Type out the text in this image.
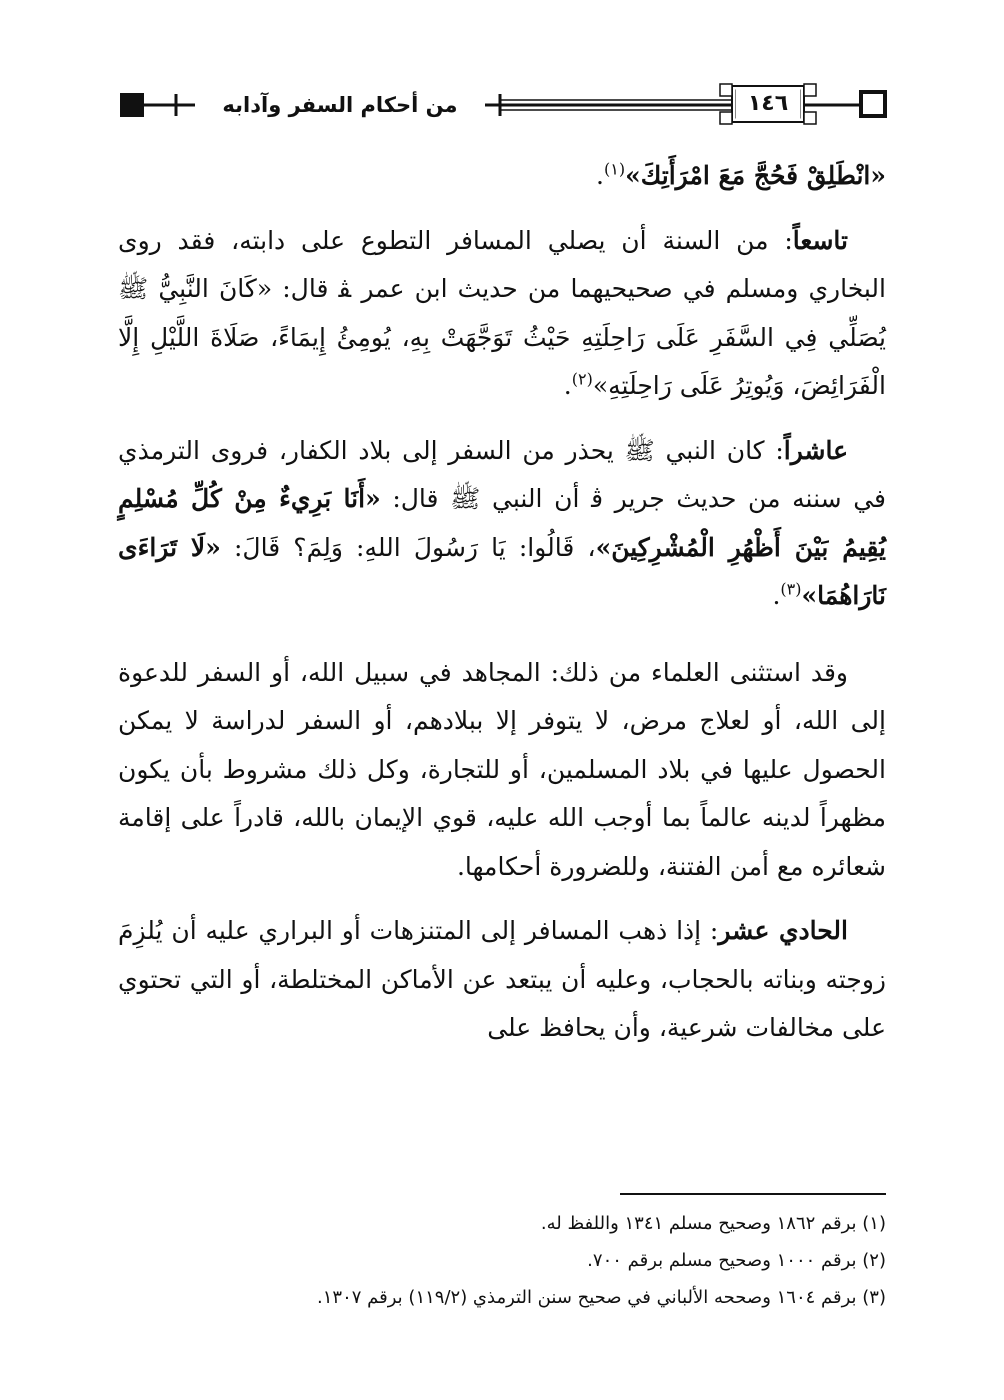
من أحكام السفر وآدابه	١٤٦

«انْطَلِقْ فَحُجَّ مَعَ امْرَأَتِكَ»$^{(١)}$.

تاسعاً: من السنة أن يصلي المسافر التطوع على دابته، فقد روى البخاري ومسلم في صحيحيهما من حديث ابن عمر ﭭ قال: «كَانَ النَّبِيُّ ﷺ يُصَلِّي فِي السَّفَرِ عَلَى رَاحِلَتِهِ حَيْثُ تَوَجَّهَتْ بِهِ، يُومِئُ إِيمَاءً، صَلَاةَ اللَّيْلِ إِلَّا الْفَرَائِضَ، وَيُوتِرُ عَلَى رَاحِلَتِهِ»$^{(٢)}$.

عاشراً: كان النبي ﷺ يحذر من السفر إلى بلاد الكفار، فروى الترمذي في سننه من حديث جرير ﭬ أن النبي ﷺ قال: «أَنَا بَرِيءٌ مِنْ كُلِّ مُسْلِمٍ يُقِيمُ بَيْنَ أَظْهُرِ الْمُشْرِكِينَ»، قَالُوا: يَا رَسُولَ اللهِ: وَلِمَ؟ قَالَ: «لَا تَرَاءَى نَارَاهُمَا»$^{(٣)}$.

وقد استثنى العلماء من ذلك: المجاهد في سبيل الله، أو السفر للدعوة إلى الله، أو لعلاج مرض، لا يتوفر إلا ببلادهم، أو السفر لدراسة لا يمكن الحصول عليها في بلاد المسلمين، أو للتجارة، وكل ذلك مشروط بأن يكون مظهراً لدينه عالماً بما أوجب الله عليه، قوي الإيمان بالله، قادراً على إقامة شعائره مع أمن الفتنة، وللضرورة أحكامها.

الحادي عشر: إذا ذهب المسافر إلى المتنزهات أو البراري عليه أن يُلزِمَ زوجته وبناته بالحجاب، وعليه أن يبتعد عن الأماكن المختلطة، أو التي تحتوي على مخالفات شرعية، وأن يحافظ على

(١) برقم ١٨٦٢ وصحيح مسلم ١٣٤١ واللفظ له.

(٢) برقم ١٠٠٠ وصحيح مسلم برقم ٧٠٠.

(٣) برقم ١٦٠٤ وصححه الألباني في صحيح سنن الترمذي (١١٩/٢) برقم ١٣٠٧.
